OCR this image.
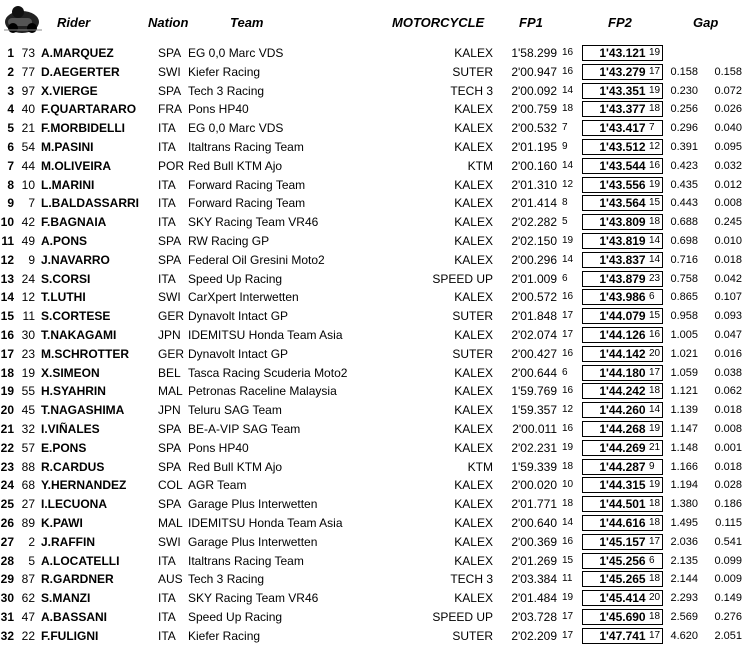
Rider	Nation	Team	MOTORCYCLE	FP1	FP2	Gap
1 73 A.MARQUEZ	SPA EG 0,0 Marc VDS	KALEX 1'58.299 16	1'43.121 19
2 77 D.AEGERTER	SWI Kiefer Racing	SUTER 2'00.947 16	1'43.279 17 0.158 0.158
3 97 X.VIERGE	SPA Tech 3 Racing	TECH 3 2'00.092 14	1'43.351 19 0.230 0.072
4 40 F.QUARTARARO FRA Pons HP40	KALEX 2'00.759 18	1'43.377 18 0.256 0.026
5 21 F.MORBIDELLI	ITA EG 0,0 Marc VDS	KALEX 2'00.532 7	1'43.417 7 0.296 0.040
6 54 M.PASINI	ITA Italtrans Racing Team	KALEX 2'01.195 9	1'43.512 12 0.391 0.095
7 44 M.OLIVEIRA	POR Red Bull KTM Ajo	KTM 2'00.160 14	1'43.544 16 0.423 0.032
8 10 L.MARINI	ITA Forward Racing Team	KALEX 2'01.310 12	1'43.556 19 0.435 0.012
9	7 L.BALDASSARRI ITA Forward Racing Team	KALEX 2'01.414 8	1'43.564 15 0.443 0.008
10 42 F.BAGNAIA	ITA SKY Racing Team VR46	KALEX 2'02.282 5	1'43.809 18 0.688 0.245
11 49 A.PONS	SPA RW Racing GP	KALEX 2'02.150 19	1'43.819 14 0.698 0.010
12	9 J.NAVARRO	SPA Federal Oil Gresini Moto2	KALEX 2'00.296 14	1'43.837 14 0.716 0.018
13 24 S.CORSI	ITA Speed Up Racing	SPEED UP 2'01.009 6	1'43.879 23 0.758 0.042
14 12 T.LUTHI	SWI CarXpert Interwetten	KALEX 2'00.572 16	1'43.986 6 0.865 0.107
15 11 S.CORTESE	GER Dynavolt Intact GP	SUTER 2'01.848 17	1'44.079 15 0.958 0.093
16 30 T.NAKAGAMI	JPN IDEMITSU Honda Team Asia	KALEX 2'02.074 17	1'44.126 16 1.005 0.047
17 23 M.SCHROTTER GER Dynavolt Intact GP	SUTER 2'00.427 16	1'44.142 20 1.021 0.016
18 19 X.SIMEON	BEL Tasca Racing Scuderia Moto2	KALEX 2'00.644 6	1'44.180 17 1.059 0.038
19 55 H.SYAHRIN	MAL Petronas Raceline Malaysia	KALEX 1'59.769 16	1'44.242 18 1.121 0.062
20 45 T.NAGASHIMA	JPN Teluru SAG Team	KALEX 1'59.357 12	1'44.260 14 1.139 0.018
21 32 I.VIÑALES	SPA BE-A-VIP SAG Team	KALEX 2'00.011 16	1'44.268 19 1.147 0.008
22 57 E.PONS	SPA Pons HP40	KALEX 2'02.231 19	1'44.269 21 1.148 0.001
23 88 R.CARDUS	SPA Red Bull KTM Ajo	KTM 1'59.339 18	1'44.287 9 1.166 0.018
24 68 Y.HERNANDEZ	COL AGR Team	KALEX 2'00.020 10	1'44.315 19 1.194 0.028
25 27 I.LECUONA	SPA Garage Plus Interwetten	KALEX 2'01.771 18	1'44.501 18 1.380 0.186
26 89 K.PAWI	MAL IDEMITSU Honda Team Asia	KALEX 2'00.640 14	1'44.616 18 1.495 0.115
27	2 J.RAFFIN	SWI Garage Plus Interwetten	KALEX 2'00.369 16	1'45.157 17 2.036 0.541
28	5 A.LOCATELLI	ITA Italtrans Racing Team	KALEX 2'01.269 15	1'45.256 6 2.135 0.099
29 87 R.GARDNER	AUS Tech 3 Racing	TECH 3 2'03.384 11	1'45.265 18 2.144 0.009
30 62 S.MANZI	ITA SKY Racing Team VR46	KALEX 2'01.484 19	1'45.414 20 2.293 0.149
31 47 A.BASSANI	ITA Speed Up Racing	SPEED UP 2'03.728 17	1'45.690 18 2.569 0.276
32 22 F.FULIGNI	ITA Kiefer Racing	SUTER 2'02.209 17	1'47.741 17 4.620 2.051
